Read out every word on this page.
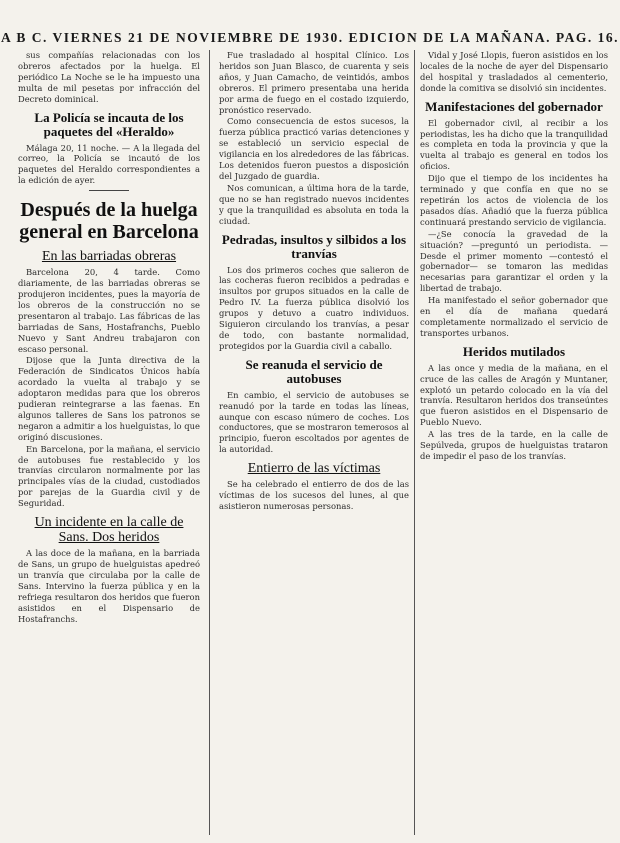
A B C. VIERNES 21 DE NOVIEMBRE DE 1930. EDICION DE LA MAÑANA. PAG. 16.

sus compañías relacionadas con los obreros afectados por la huelga. El periódico La Noche se le ha impuesto una multa de mil pesetas por infracción del Decreto dominical.

La Policía se incauta de los paquetes del «Heraldo»

Málaga 20, 11 noche. — A la llegada del correo, la Policía se incautó de los paquetes del Heraldo correspondientes a la edición de ayer.

Después de la huelga general en Barcelona
En las barriadas obreras

Barcelona 20, 4 tarde. Como diariamente, de las barriadas obreras se produjeron incidentes, pues la mayoría de los obreros de la construcción no se presentaron al trabajo. Las fábricas de las barriadas de Sans, Hostafranchs, Pueblo Nuevo y Sant Andreu trabajaron con escaso personal.

Dijose que la Junta directiva de la Federación de Sindicatos Únicos había acordado la vuelta al trabajo y se adoptaron medidas para que los obreros pudieran reintegrarse a las faenas. En algunos talleres de Sans los patronos se negaron a admitir a los huelguistas, lo que originó discusiones.

En Barcelona, por la mañana, el servicio de autobuses fue restablecido y los tranvías circularon normalmente por las principales vías de la ciudad, custodiados por parejas de la Guardia civil y de Seguridad.

Un incidente en la calle de Sans. Dos heridos

A las doce de la mañana, en la barriada de Sans, un grupo de huelguistas apedreó un tranvía que circulaba por la calle de Sans. Intervino la fuerza pública y en la refriega resultaron dos heridos que fueron asistidos en el Dispensario de Hostafranchs.

Fue trasladado al hospital Clínico. Los heridos son Juan Blasco, de cuarenta y seis años, y Juan Camacho, de veintidós, ambos obreros. El primero presentaba una herida por arma de fuego en el costado izquierdo, pronóstico reservado.

Como consecuencia de estos sucesos, la fuerza pública practicó varias detenciones y se estableció un servicio especial de vigilancia en los alrededores de las fábricas. Los detenidos fueron puestos a disposición del Juzgado de guardia.

Nos comunican, a última hora de la tarde, que no se han registrado nuevos incidentes y que la tranquilidad es absoluta en toda la ciudad.

Pedradas, insultos y silbidos a los tranvías

Los dos primeros coches que salieron de las cocheras fueron recibidos a pedradas e insultos por grupos situados en la calle de Pedro IV. La fuerza pública disolvió los grupos y detuvo a cuatro individuos. Siguieron circulando los tranvías, a pesar de todo, con bastante normalidad, protegidos por la Guardia civil a caballo.

Se reanuda el servicio de autobuses

En cambio, el servicio de autobuses se reanudó por la tarde en todas las líneas, aunque con escaso número de coches. Los conductores, que se mostraron temerosos al principio, fueron escoltados por agentes de la autoridad.

Entierro de las víctimas

Se ha celebrado el entierro de dos de las víctimas de los sucesos del lunes, al que asistieron numerosas personas.

Vidal y José Llopis, fueron asistidos en los locales de la noche de ayer del Dispensario del hospital y trasladados al cementerio, donde la comitiva se disolvió sin incidentes.

Manifestaciones del gobernador

El gobernador civil, al recibir a los periodistas, les ha dicho que la tranquilidad es completa en toda la provincia y que la vuelta al trabajo es general en todos los oficios.

Dijo que el tiempo de los incidentes ha terminado y que confía en que no se repetirán los actos de violencia de los pasados días. Añadió que la fuerza pública continuará prestando servicio de vigilancia.

—¿Se conocía la gravedad de la situación? —preguntó un periodista. —Desde el primer momento —contestó el gobernador— se tomaron las medidas necesarias para garantizar el orden y la libertad de trabajo.

Ha manifestado el señor gobernador que en el día de mañana quedará completamente normalizado el servicio de transportes urbanos.

Heridos mutilados

A las once y media de la mañana, en el cruce de las calles de Aragón y Muntaner, explotó un petardo colocado en la vía del tranvía. Resultaron heridos dos transeúntes que fueron asistidos en el Dispensario de Pueblo Nuevo.

A las tres de la tarde, en la calle de Sepúlveda, grupos de huelguistas trataron de impedir el paso de los tranvías.
